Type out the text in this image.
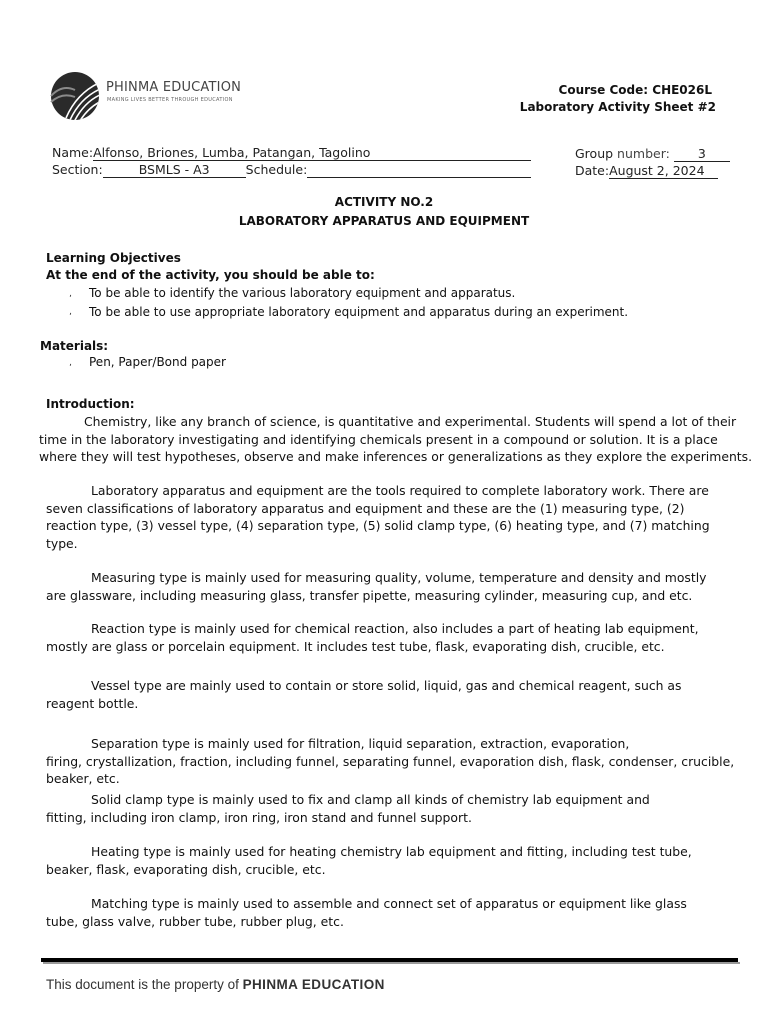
PHINMA EDUCATION
MAKING LIVES BETTER THROUGH EDUCATION
Course Code: CHE026L
Laboratory Activity Sheet #2
Name:Alfonso, Briones, Lumba, Patangan, Tagolino
Section:	BSMLS - A3	Schedule:
Group number: 3
Date:August 2, 2024
ACTIVITY NO.2
LABORATORY APPARATUS AND EQUIPMENT
Learning Objectives
At the end of the activity, you should be able to:
‚ To be able to identify the various laboratory equipment and apparatus.
‚ To be able to use appropriate laboratory equipment and apparatus during an experiment.
Materials:
‚ Pen, Paper/Bond paper
Introduction:

Chemistry, like any branch of science, is quantitative and experimental. Students will spend a lot of their

time in the laboratory investigating and identifying chemicals present in a compound or solution. It is a place

where they will test hypotheses, observe and make inferences or generalizations as they explore the experiments.

Laboratory apparatus and equipment are the tools required to complete laboratory work. There are

seven classifications of laboratory apparatus and equipment and these are the (1) measuring type, (2)

reaction type, (3) vessel type, (4) separation type, (5) solid clamp type, (6) heating type, and (7) matching

type.

Measuring type is mainly used for measuring quality, volume, temperature and density and mostly

are glassware, including measuring glass, transfer pipette, measuring cylinder, measuring cup, and etc.

Reaction type is mainly used for chemical reaction, also includes a part of heating lab equipment,

mostly are glass or porcelain equipment. It includes test tube, flask, evaporating dish, crucible, etc.

Vessel type are mainly used to contain or store solid, liquid, gas and chemical reagent, such as

reagent bottle.

Separation type is mainly used for filtration, liquid separation, extraction, evaporation,

firing, crystallization, fraction, including funnel, separating funnel, evaporation dish, flask, condenser, crucible,

beaker, etc.

Solid clamp type is mainly used to fix and clamp all kinds of chemistry lab equipment and

fitting, including iron clamp, iron ring, iron stand and funnel support.

Heating type is mainly used for heating chemistry lab equipment and fitting, including test tube,

beaker, flask, evaporating dish, crucible, etc.

Matching type is mainly used to assemble and connect set of apparatus or equipment like glass

tube, glass valve, rubber tube, rubber plug, etc.

This document is the property of PHINMA EDUCATION
